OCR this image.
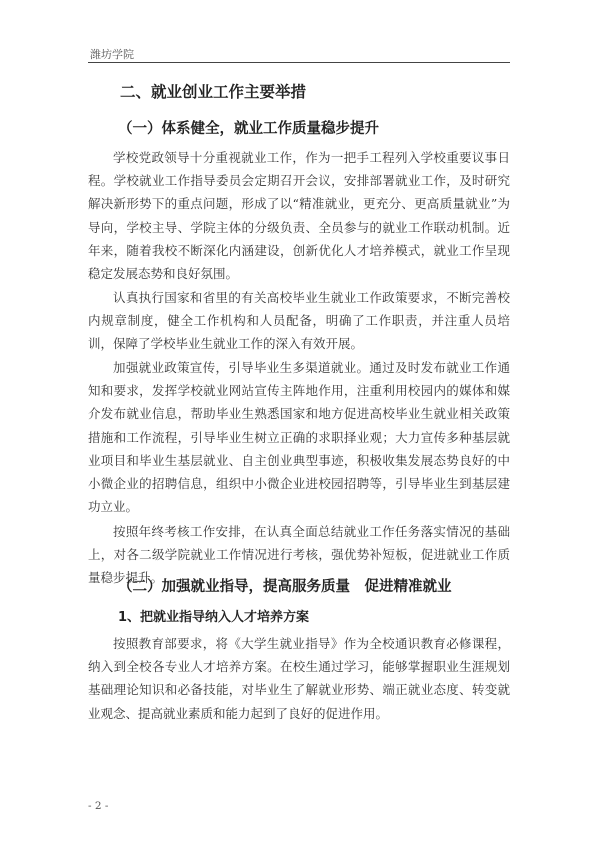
潍坊学院
二、就业创业工作主要举措
（一）体系健全，就业工作质量稳步提升
学校党政领导十分重视就业工作，作为一把手工程列入学校重要议事日程。学校就业工作指导委员会定期召开会议，安排部署就业工作，及时研究解决新形势下的重点问题，形成了以“精准就业，更充分、更高质量就业”为导向，学校主导、学院主体的分级负责、全员参与的就业工作联动机制。近年来，随着我校不断深化内涵建设，创新优化人才培养模式，就业工作呈现稳定发展态势和良好氛围。
认真执行国家和省里的有关高校毕业生就业工作政策要求，不断完善校内规章制度，健全工作机构和人员配备，明确了工作职责，并注重人员培训，保障了学校毕业生就业工作的深入有效开展。
加强就业政策宣传，引导毕业生多渠道就业。通过及时发布就业工作通知和要求，发挥学校就业网站宣传主阵地作用，注重利用校园内的媒体和媒介发布就业信息，帮助毕业生熟悉国家和地方促进高校毕业生就业相关政策措施和工作流程，引导毕业生树立正确的求职择业观；大力宣传多种基层就业项目和毕业生基层就业、自主创业典型事迹，积极收集发展态势良好的中小微企业的招聘信息，组织中小微企业进校园招聘等，引导毕业生到基层建功立业。
按照年终考核工作安排，在认真全面总结就业工作任务落实情况的基础上，对各二级学院就业工作情况进行考核，强优势补短板，促进就业工作质量稳步提升。
（二）加强就业指导，提高服务质量　促进精准就业
1、把就业指导纳入人才培养方案
按照教育部要求，将《大学生就业指导》作为全校通识教育必修课程，纳入到全校各专业人才培养方案。在校生通过学习，能够掌握职业生涯规划基础理论知识和必备技能，对毕业生了解就业形势、端正就业态度、转变就业观念、提高就业素质和能力起到了良好的促进作用。
- 2 -
